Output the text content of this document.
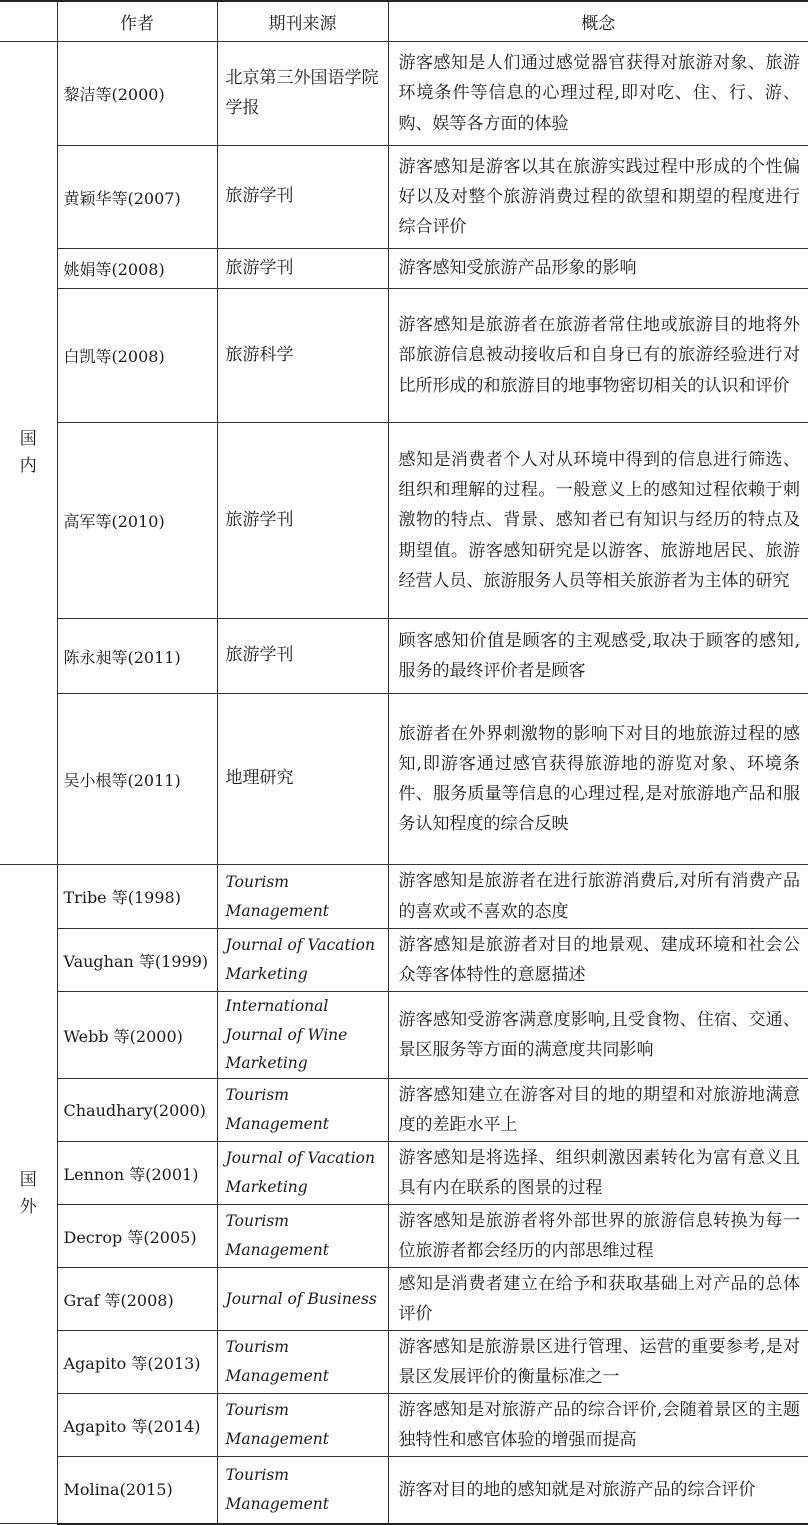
	作者	期刊来源	概念
国内	黎洁等(2000)	北京第三外国语学院学报	游客感知是人们通过感觉器官获得对旅游对象、旅游环境条件等信息的心理过程,即对吃、住、行、游、购、娱等各方面的体验
	黄颖华等(2007)	旅游学刊	游客感知是游客以其在旅游实践过程中形成的个性偏好以及对整个旅游消费过程的欲望和期望的程度进行综合评价
	姚娟等(2008)	旅游学刊	游客感知受旅游产品形象的影响
	白凯等(2008)	旅游科学	游客感知是旅游者在旅游者常住地或旅游目的地将外部旅游信息被动接收后和自身已有的旅游经验进行对比所形成的和旅游目的地事物密切相关的认识和评价
	高军等(2010)	旅游学刊	感知是消费者个人对从环境中得到的信息进行筛选、组织和理解的过程。一般意义上的感知过程依赖于刺激物的特点、背景、感知者已有知识与经历的特点及期望值。游客感知研究是以游客、旅游地居民、旅游经营人员、旅游服务人员等相关旅游者为主体的研究
	陈永昶等(2011)	旅游学刊	顾客感知价值是顾客的主观感受,取决于顾客的感知,服务的最终评价者是顾客
	吴小根等(2011)	地理研究	旅游者在外界刺激物的影响下对目的地旅游过程的感知,即游客通过感官获得旅游地的游览对象、环境条件、服务质量等信息的心理过程,是对旅游地产品和服务认知程度的综合反映
国外	Tribe 等(1998)	Tourism Management	游客感知是旅游者在进行旅游消费后,对所有消费产品的喜欢或不喜欢的态度
	Vaughan 等(1999)	Journal of Vacation Marketing	游客感知是旅游者对目的地景观、建成环境和社会公众等客体特性的意愿描述
	Webb 等(2000)	International Journal of Wine Marketing	游客感知受游客满意度影响,且受食物、住宿、交通、景区服务等方面的满意度共同影响
	Chaudhary(2000)	Tourism Management	游客感知建立在游客对目的地的期望和对旅游地满意度的差距水平上
	Lennon 等(2001)	Journal of Vacation Marketing	游客感知是将选择、组织刺激因素转化为富有意义且具有内在联系的图景的过程
	Decrop 等(2005)	Tourism Management	游客感知是旅游者将外部世界的旅游信息转换为每一位旅游者都会经历的内部思维过程
	Graf 等(2008)	Journal of Business	感知是消费者建立在给予和获取基础上对产品的总体评价
	Agapito 等(2013)	Tourism Management	游客感知是旅游景区进行管理、运营的重要参考,是对景区发展评价的衡量标准之一
	Agapito 等(2014)	Tourism Management	游客感知是对旅游产品的综合评价,会随着景区的主题独特性和感官体验的增强而提高
	Molina(2015)	Tourism Management	游客对目的地的感知就是对旅游产品的综合评价
